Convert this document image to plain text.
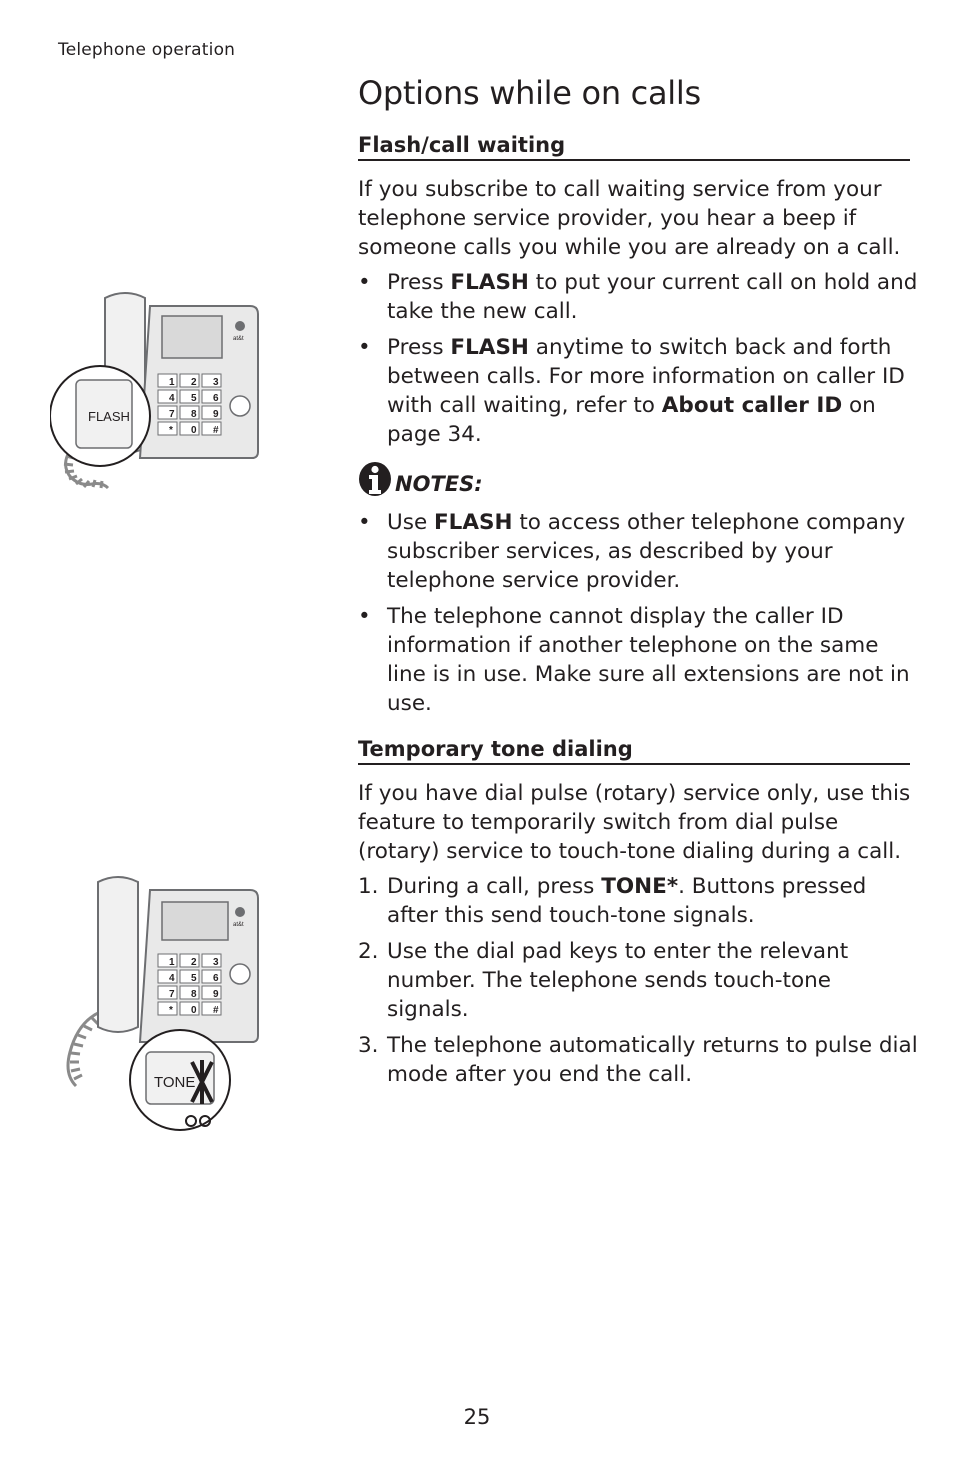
Telephone operation
Options while on calls
Flash/call waiting

If you subscribe to call waiting service from your telephone service provider, you hear a beep if someone calls you while you are already on a call.

• Press FLASH to put your current call on hold and take the new call.
• Press FLASH anytime to switch back and forth between calls. For more information on caller ID with call waiting, refer to About caller ID on page 34.
NOTES:
• Use FLASH to access other telephone company subscriber services, as described by your telephone service provider.
• The telephone cannot display the caller ID information if another telephone on the same line is in use. Make sure all extensions are not in use.
Temporary tone dialing

If you have dial pulse (rotary) service only, use this feature to temporarily switch from dial pulse (rotary) service to touch-tone dialing during a call.

1. During a call, press TONE*. Buttons pressed after this send touch-tone signals.
2. Use the dial pad keys to enter the relevant number. The telephone sends touch-tone signals.
3. The telephone automatically returns to pulse dial mode after you end the call.
at&t
1 2 3
4 5 6
7 8 9
* 0 #
FLASH
at&t
1 2 3
4 5 6
7 8 9
* 0 #
TONE
25
